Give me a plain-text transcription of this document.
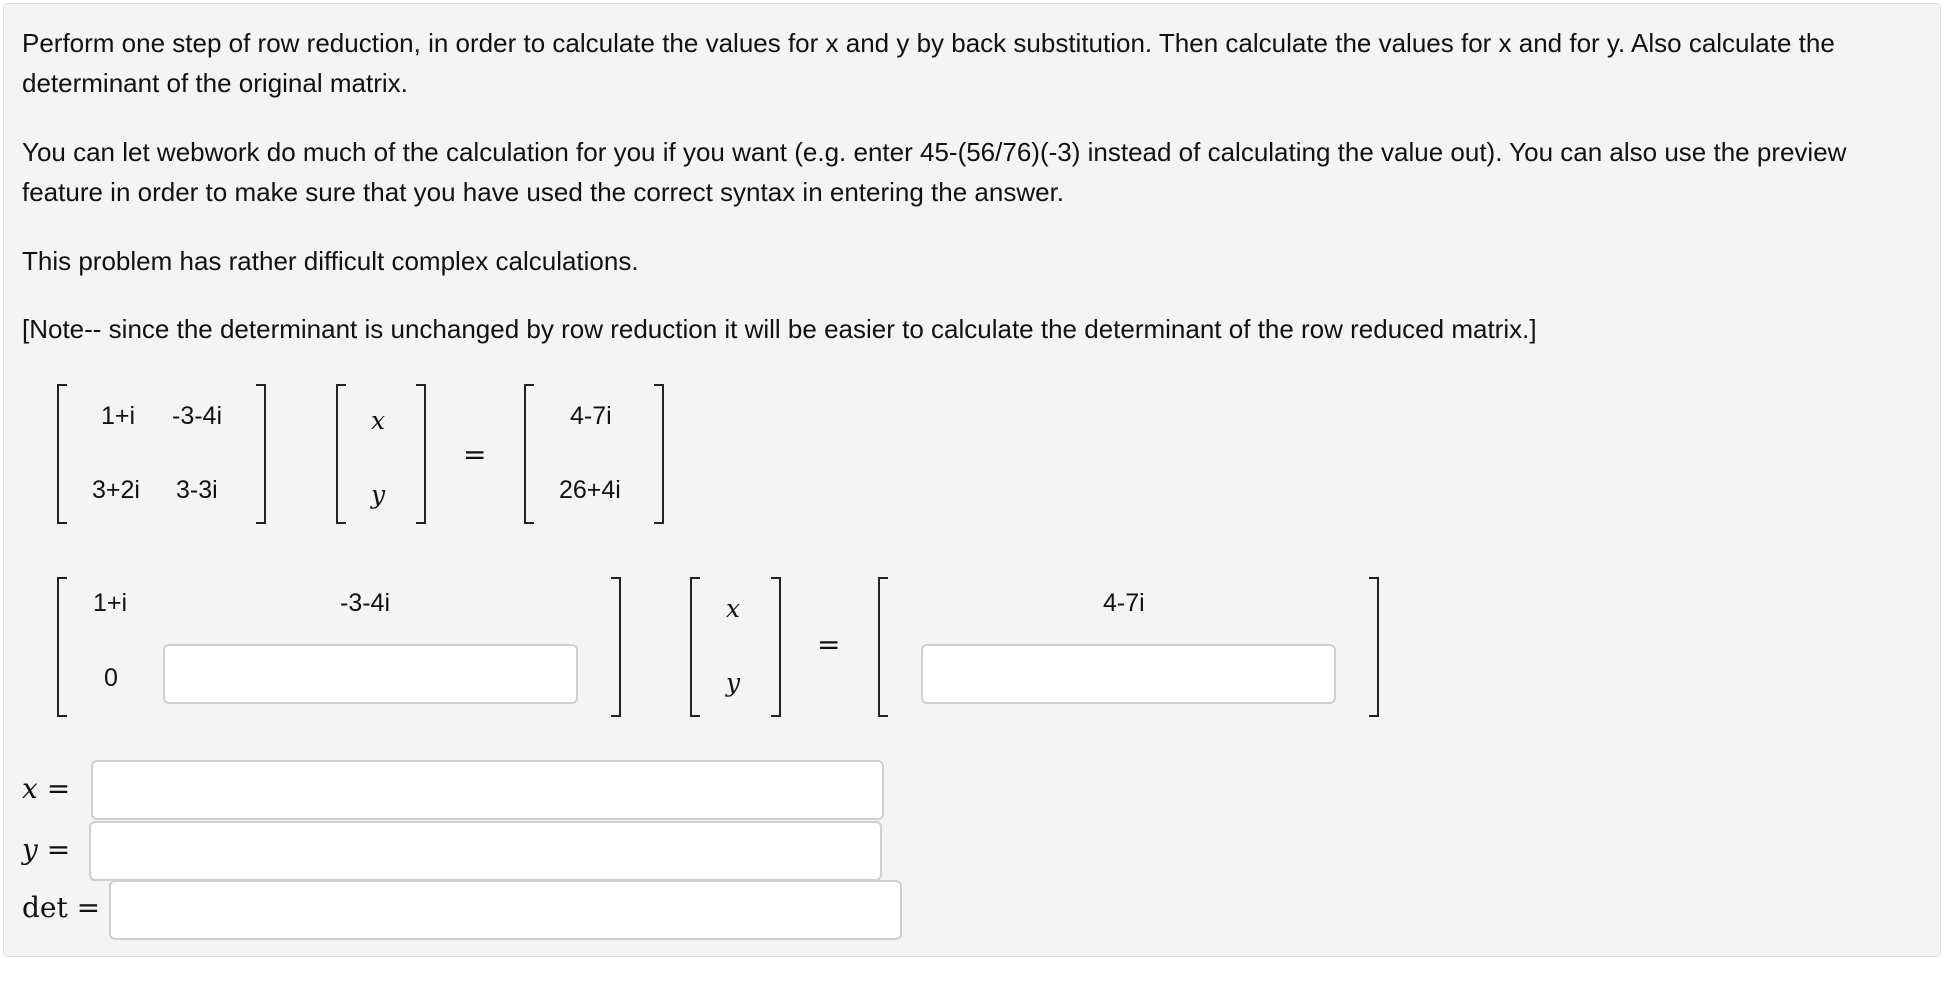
Perform one step of row reduction, in order to calculate the values for x and y by back substitution. Then calculate the values for x and for y. Also calculate the determinant of the original matrix.

You can let webwork do much of the calculation for you if you want (e.g. enter 45-(56/76)(-3) instead of calculating the value out). You can also use the preview feature in order to make sure that you have used the correct syntax in entering the answer.

This problem has rather difficult complex calculations.

[Note-- since the determinant is unchanged by row reduction it will be easier to calculate the determinant of the row reduced matrix.]

1+i -3-4i
3+2i 3-3i
x
y
=
4-7i
26+4i
1+i	-3-4i
0
x
y
=
4-7i
x =
y =
det =
